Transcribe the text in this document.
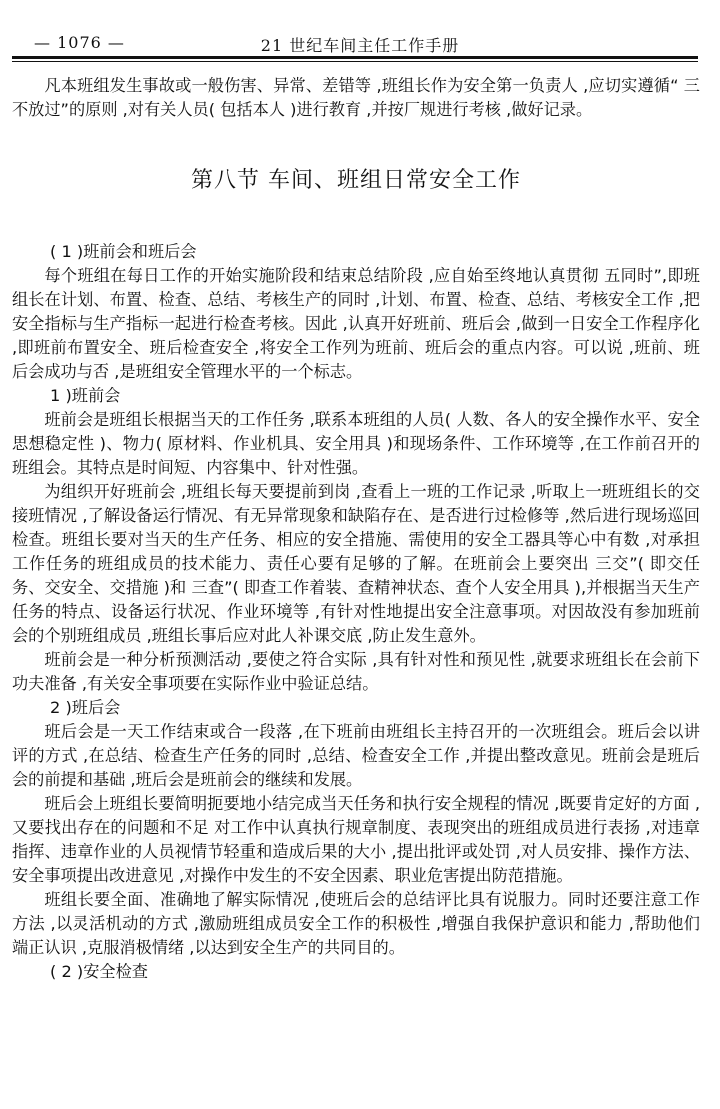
— 1076 —	21 世纪车间主任工作手册

凡本班组发生事故或一般伤害、异常、差错等 ,班组长作为安全第一负责人 ,应切实遵循“ 三不放过”的原则 ,对有关人员( 包括本人 )进行教育 ,并按厂规进行考核 ,做好记录。

第八节 车间、班组日常安全工作

( 1 )班前会和班后会

每个班组在每日工作的开始实施阶段和结束总结阶段 ,应自始至终地认真贯彻 五同时”,即班组长在计划、布置、检查、总结、考核生产的同时 ,计划、布置、检查、总结、考核安全工作 ,把安全指标与生产指标一起进行检查考核。因此 ,认真开好班前、班后会 ,做到一日安全工作程序化 ,即班前布置安全、班后检查安全 ,将安全工作列为班前、班后会的重点内容。可以说 ,班前、班后会成功与否 ,是班组安全管理水平的一个标志。

1 )班前会

班前会是班组长根据当天的工作任务 ,联系本班组的人员( 人数、各人的安全操作水平、安全思想稳定性 )、物力( 原材料、作业机具、安全用具 )和现场条件、工作环境等 ,在工作前召开的班组会。其特点是时间短、内容集中、针对性强。

为组织开好班前会 ,班组长每天要提前到岗 ,查看上一班的工作记录 ,听取上一班班组长的交接班情况 ,了解设备运行情况、有无异常现象和缺陷存在、是否进行过检修等 ,然后进行现场巡回检查。班组长要对当天的生产任务、相应的安全措施、需使用的安全工器具等心中有数 ,对承担工作任务的班组成员的技术能力、责任心要有足够的了解。在班前会上要突出 三交”( 即交任务、交安全、交措施 )和 三查”( 即查工作着装、查精神状态、查个人安全用具 ),并根据当天生产任务的特点、设备运行状况、作业环境等 ,有针对性地提出安全注意事项。对因故没有参加班前会的个别班组成员 ,班组长事后应对此人补课交底 ,防止发生意外。

班前会是一种分析预测活动 ,要使之符合实际 ,具有针对性和预见性 ,就要求班组长在会前下功夫准备 ,有关安全事项要在实际作业中验证总结。

2 )班后会

班后会是一天工作结束或合一段落 ,在下班前由班组长主持召开的一次班组会。班后会以讲评的方式 ,在总结、检查生产任务的同时 ,总结、检查安全工作 ,并提出整改意见。班前会是班后会的前提和基础 ,班后会是班前会的继续和发展。

班后会上班组长要简明扼要地小结完成当天任务和执行安全规程的情况 ,既要肯定好的方面 ,又要找出存在的问题和不足 对工作中认真执行规章制度、表现突出的班组成员进行表扬 ,对违章指挥、违章作业的人员视情节轻重和造成后果的大小 ,提出批评或处罚 ,对人员安排、操作方法、安全事项提出改进意见 ,对操作中发生的不安全因素、职业危害提出防范措施。

班组长要全面、准确地了解实际情况 ,使班后会的总结评比具有说服力。同时还要注意工作方法 ,以灵活机动的方式 ,激励班组成员安全工作的积极性 ,增强自我保护意识和能力 ,帮助他们端正认识 ,克服消极情绪 ,以达到安全生产的共同目的。

( 2 )安全检查
